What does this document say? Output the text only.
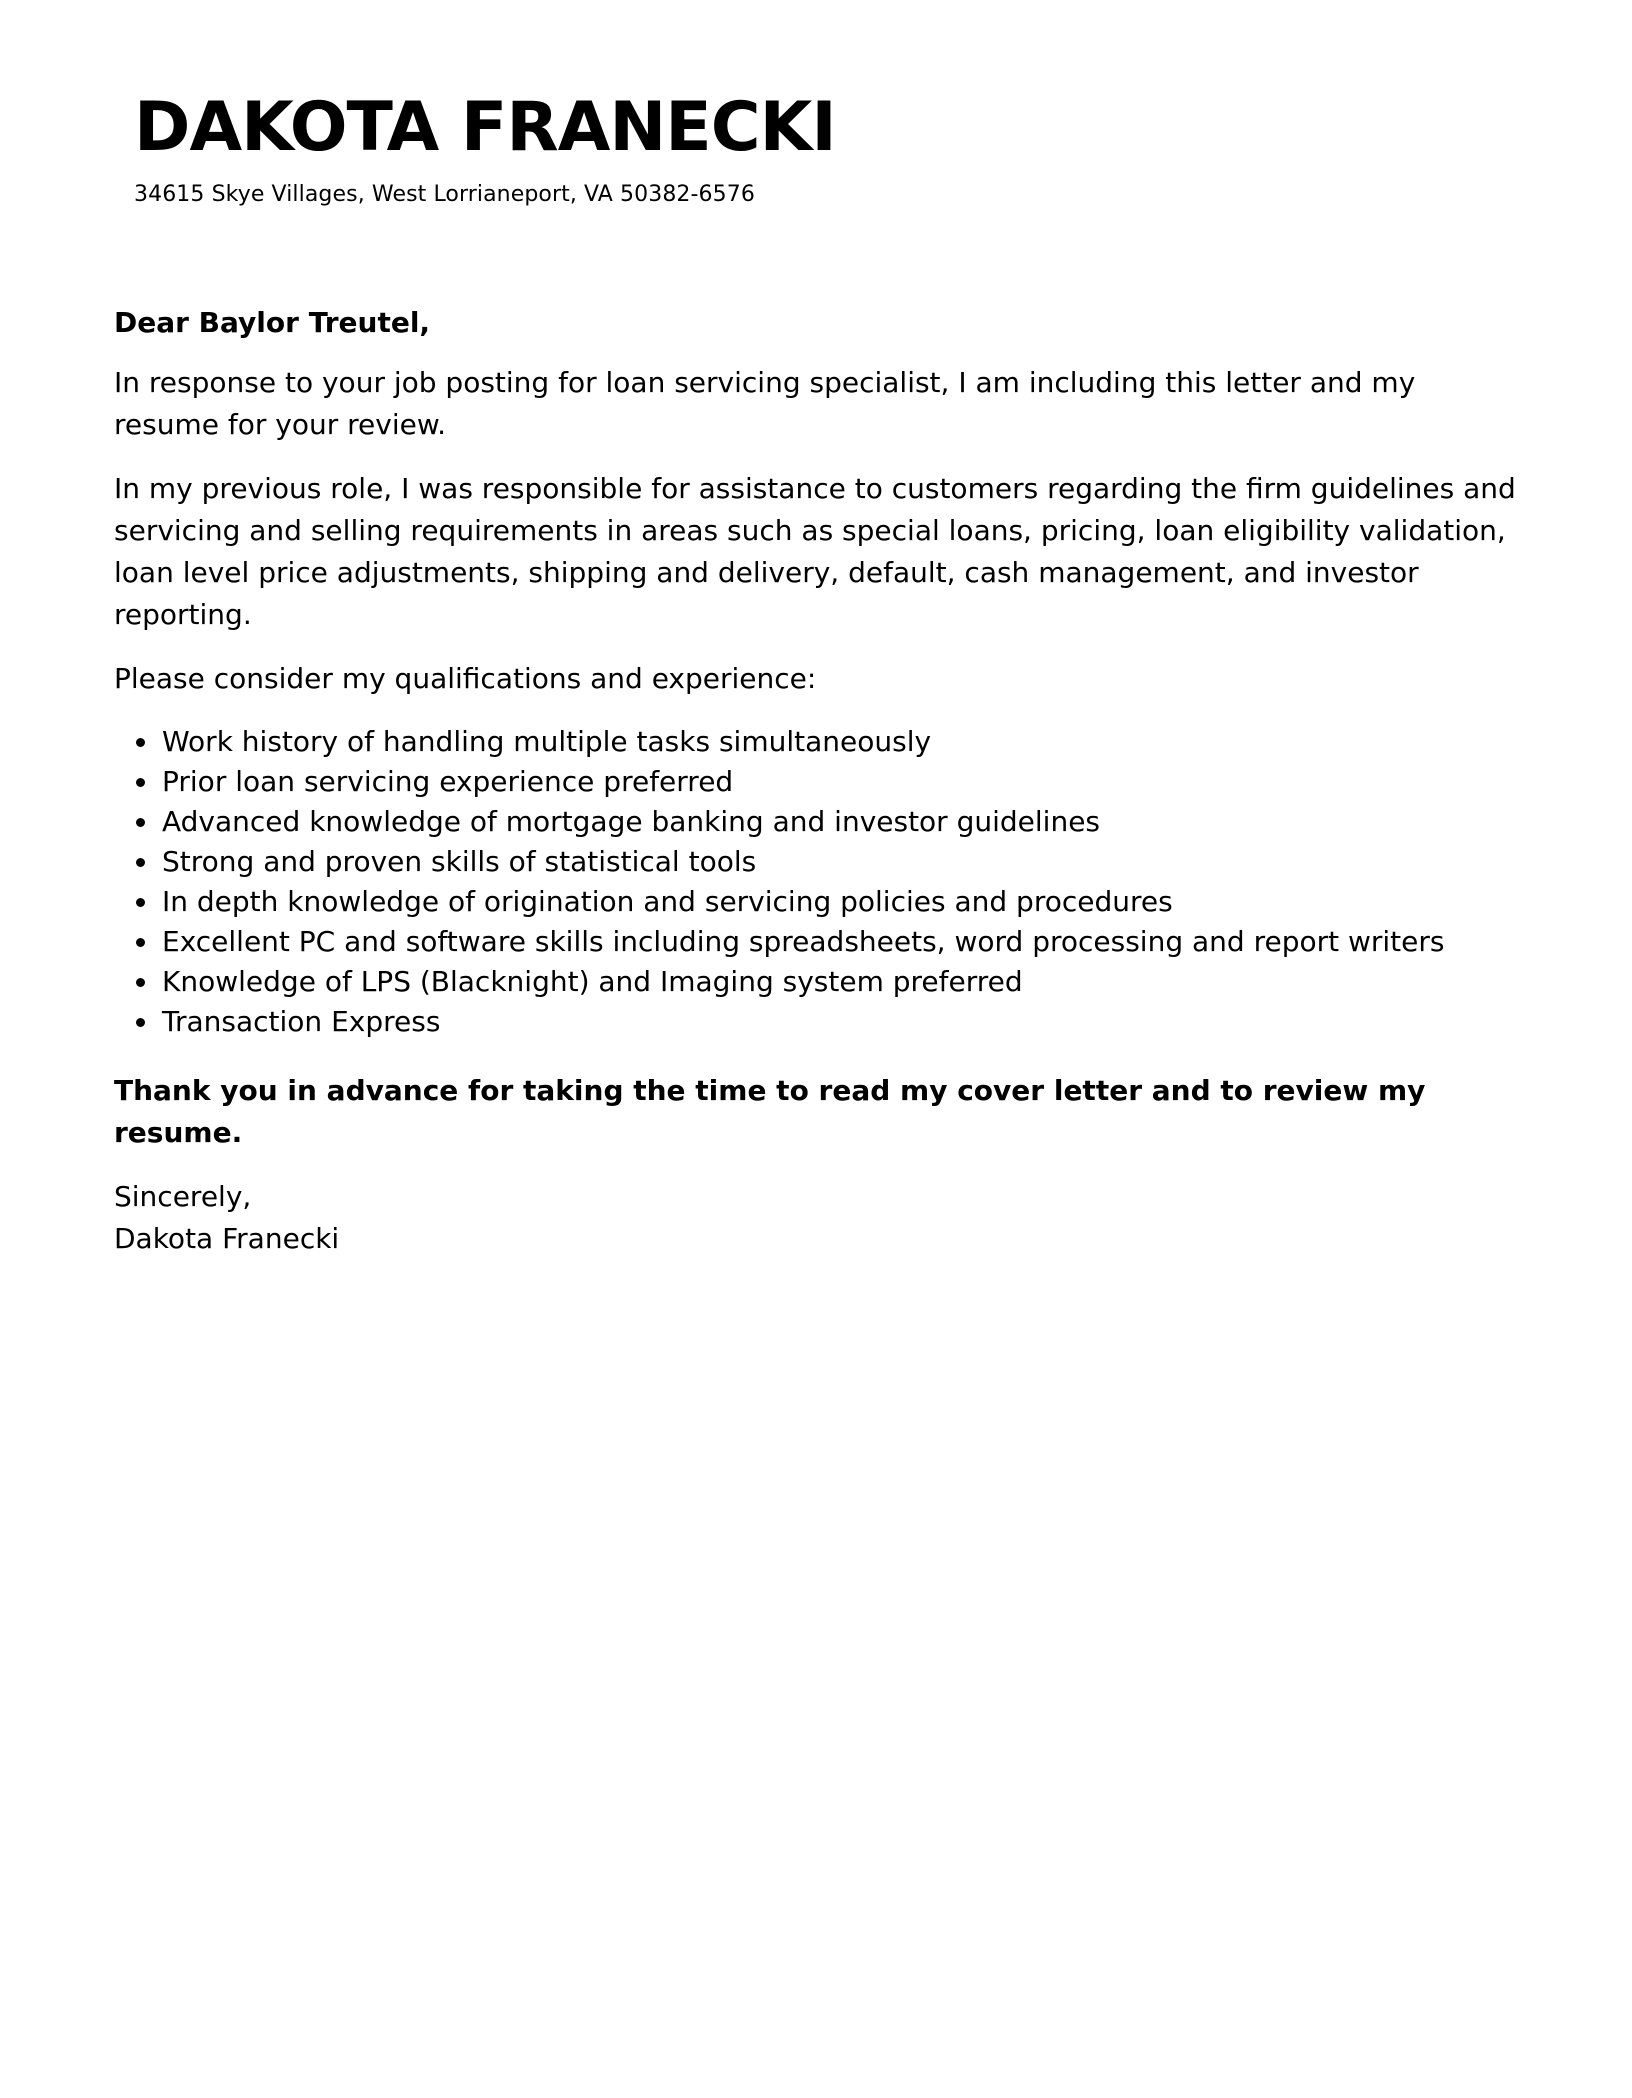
DAKOTA FRANECKI
34615 Skye Villages, West Lorrianeport, VA 50382-6576

Dear Baylor Treutel,

In response to your job posting for loan servicing specialist, I am including this letter and my resume for your review.

In my previous role, I was responsible for assistance to customers regarding the firm guidelines and servicing and selling requirements in areas such as special loans, pricing, loan eligibility validation, loan level price adjustments, shipping and delivery, default, cash management, and investor reporting.

Please consider my qualifications and experience:

Work history of handling multiple tasks simultaneously
Prior loan servicing experience preferred
Advanced knowledge of mortgage banking and investor guidelines
Strong and proven skills of statistical tools
In depth knowledge of origination and servicing policies and procedures
Excellent PC and software skills including spreadsheets, word processing and report writers
Knowledge of LPS (Blacknight) and Imaging system preferred
Transaction Express

Thank you in advance for taking the time to read my cover letter and to review my resume.

Sincerely,
Dakota Franecki
